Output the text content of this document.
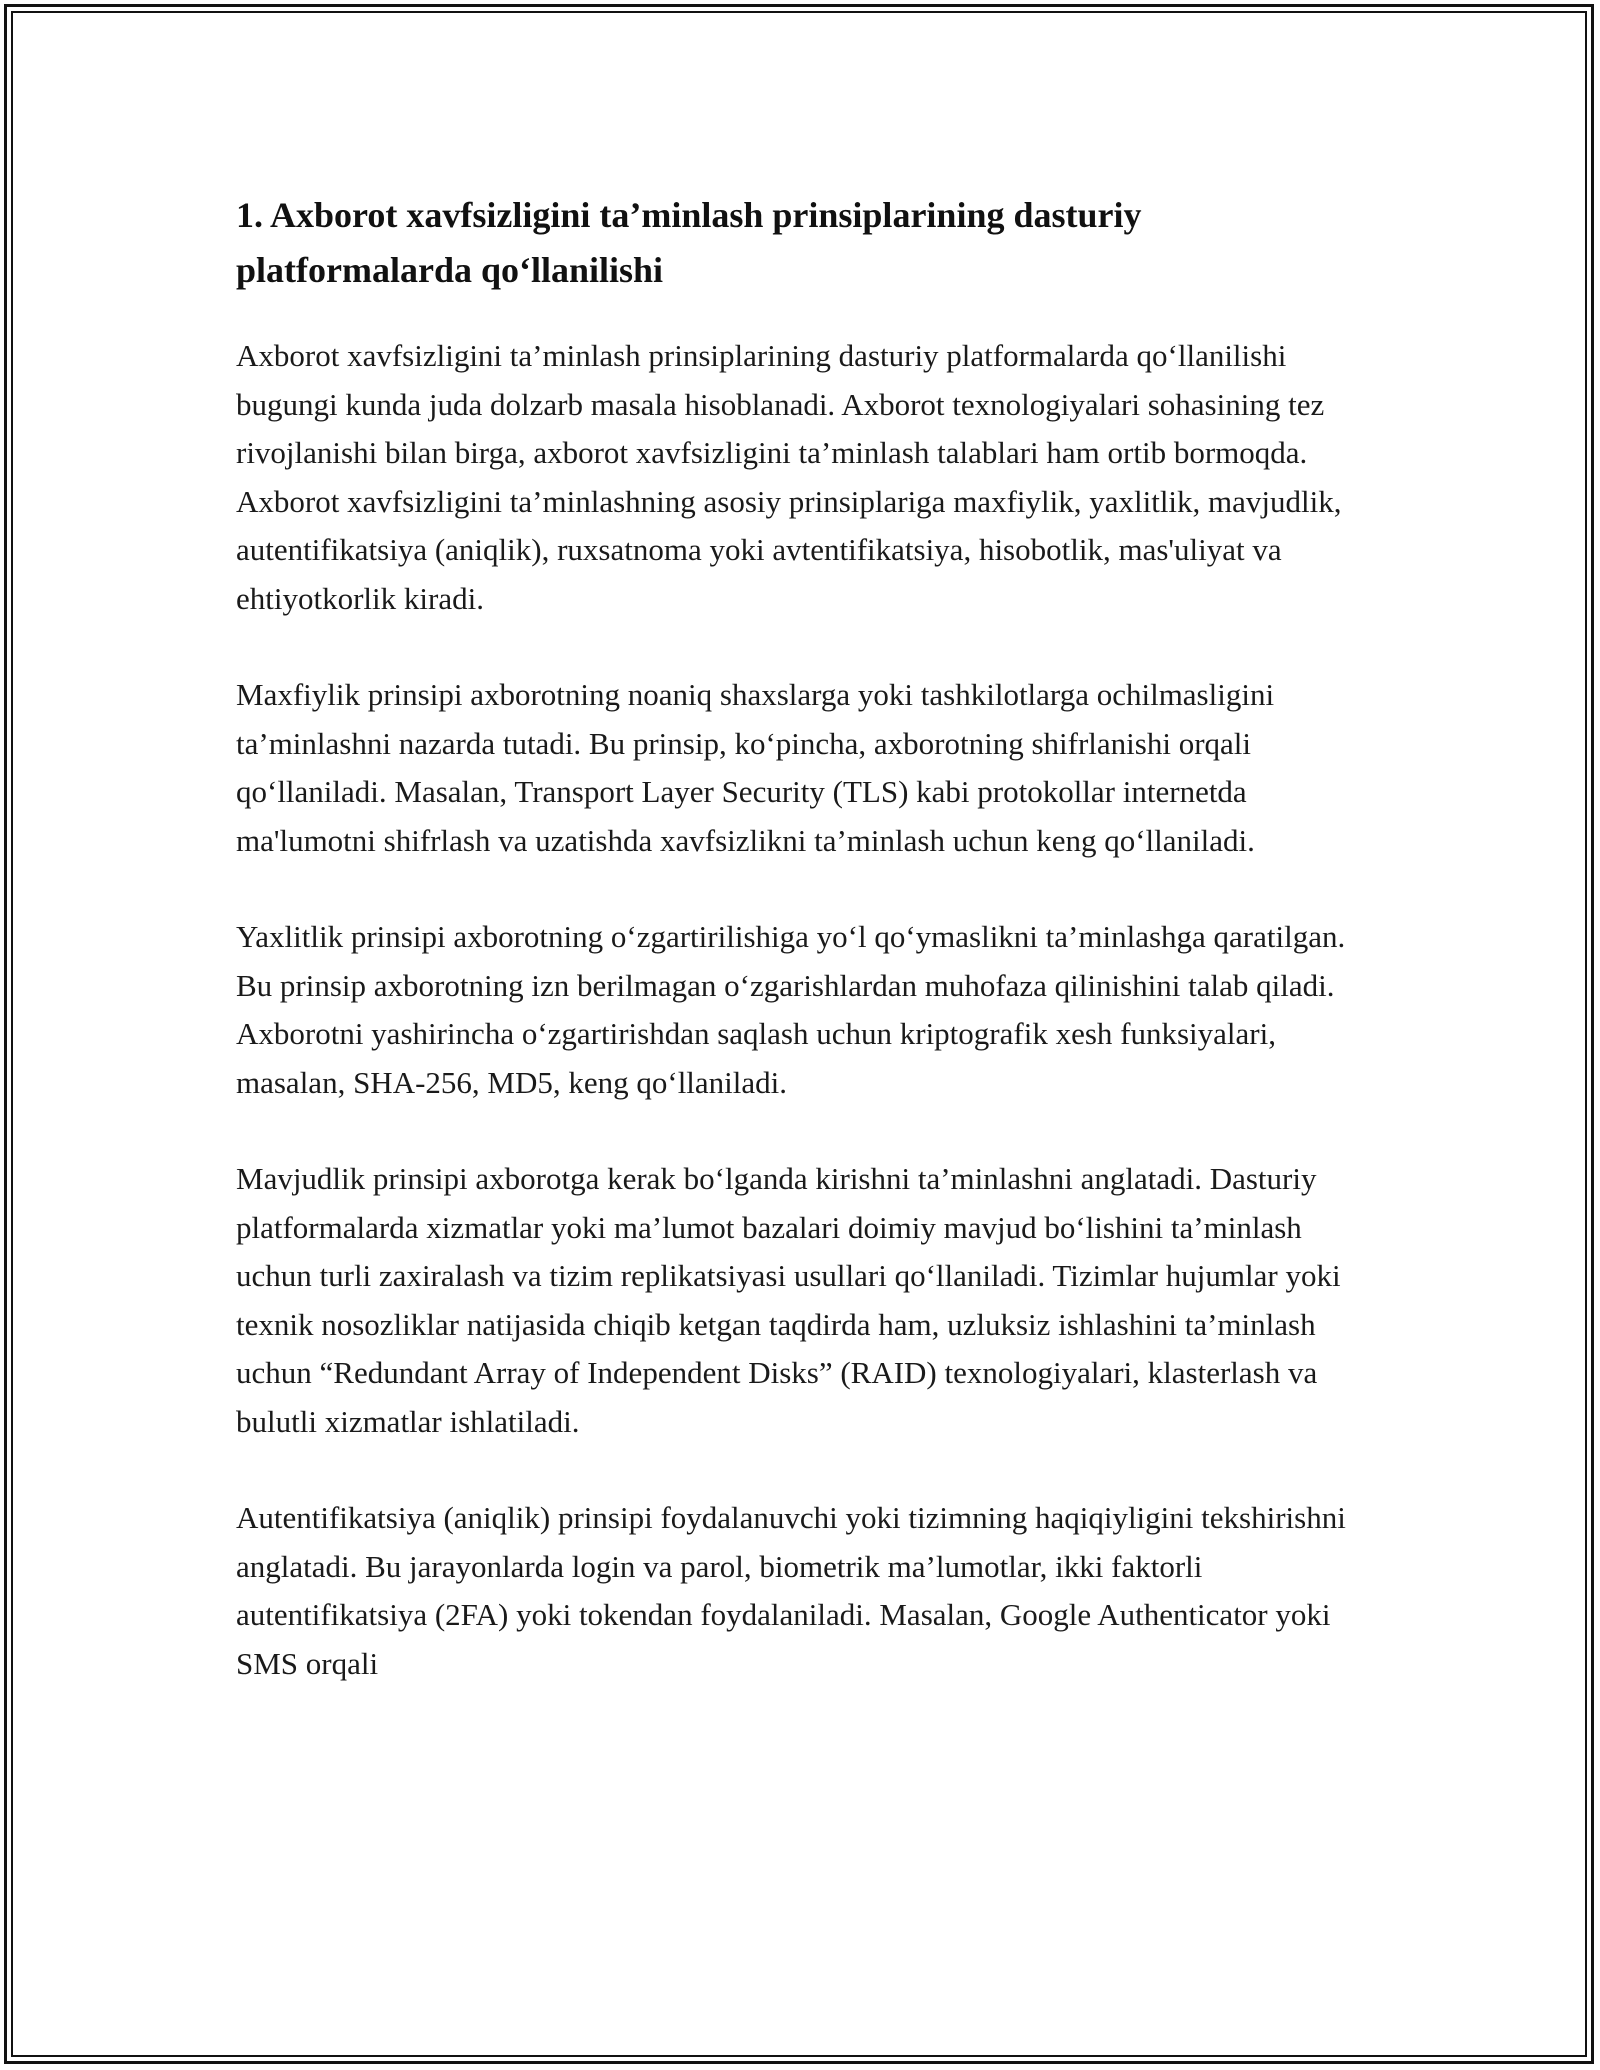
1. Axborot xavfsizligini ta’minlash prinsiplarining dasturiy platformalarda qo‘llanilishi

Axborot xavfsizligini ta’minlash prinsiplarining dasturiy platformalarda qo‘llanilishi bugungi kunda juda dolzarb masala hisoblanadi. Axborot texnologiyalari sohasining tez rivojlanishi bilan birga, axborot xavfsizligini ta’minlash talablari ham ortib bormoqda. Axborot xavfsizligini ta’minlashning asosiy prinsiplariga maxfiylik, yaxlitlik, mavjudlik, autentifikatsiya (aniqlik), ruxsatnoma yoki avtentifikatsiya, hisobotlik, mas'uliyat va ehtiyotkorlik kiradi.

Maxfiylik prinsipi axborotning noaniq shaxslarga yoki tashkilotlarga ochilmasligini ta’minlashni nazarda tutadi. Bu prinsip, ko‘pincha, axborotning shifrlanishi orqali qo‘llaniladi. Masalan, Transport Layer Security (TLS) kabi protokollar internetda ma'lumotni shifrlash va uzatishda xavfsizlikni ta’minlash uchun keng qo‘llaniladi.

Yaxlitlik prinsipi axborotning o‘zgartirilishiga yo‘l qo‘ymaslikni ta’minlashga qaratilgan. Bu prinsip axborotning izn berilmagan o‘zgarishlardan muhofaza qilinishini talab qiladi. Axborotni yashirincha o‘zgartirishdan saqlash uchun kriptografik xesh funksiyalari, masalan, SHA-256, MD5, keng qo‘llaniladi.

Mavjudlik prinsipi axborotga kerak bo‘lganda kirishni ta’minlashni anglatadi. Dasturiy platformalarda xizmatlar yoki ma’lumot bazalari doimiy mavjud bo‘lishini ta’minlash uchun turli zaxiralash va tizim replikatsiyasi usullari qo‘llaniladi. Tizimlar hujumlar yoki texnik nosozliklar natijasida chiqib ketgan taqdirda ham, uzluksiz ishlashini ta’minlash uchun “Redundant Array of Independent Disks” (RAID) texnologiyalari, klasterlash va bulutli xizmatlar ishlatiladi.

Autentifikatsiya (aniqlik) prinsipi foydalanuvchi yoki tizimning haqiqiyligini tekshirishni anglatadi. Bu jarayonlarda login va parol, biometrik ma’lumotlar, ikki faktorli autentifikatsiya (2FA) yoki tokendan foydalaniladi. Masalan, Google Authenticator yoki SMS orqali
